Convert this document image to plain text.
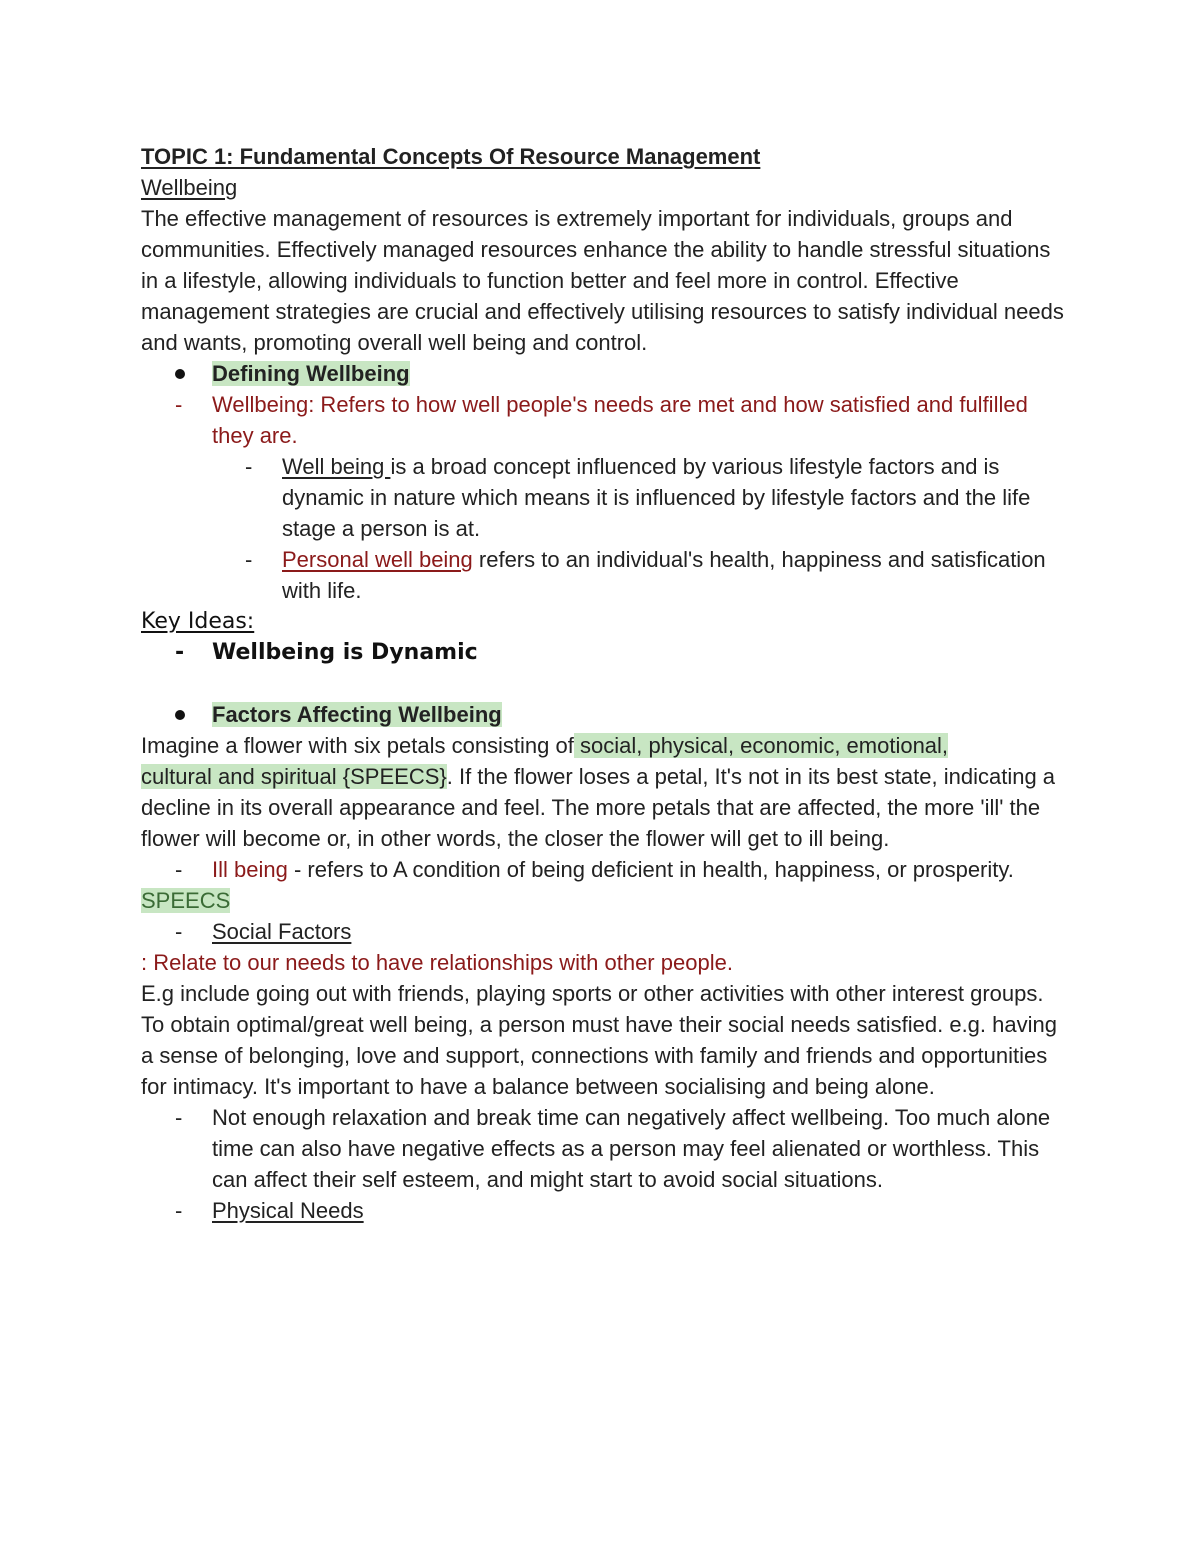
TOPIC 1: Fundamental Concepts Of Resource Management

Wellbeing

The effective management of resources is extremely important for individuals, groups and communities. Effectively managed resources enhance the ability to handle stressful situations in a lifestyle, allowing individuals to function better and feel more in control. Effective management strategies are crucial and effectively utilising resources to satisfy individual needs and wants, promoting overall well being and control.

Defining Wellbeing
- Wellbeing: Refers to how well people's needs are met and how satisfied and fulfilled they are.
- Well being is a broad concept influenced by various lifestyle factors and is dynamic in nature which means it is influenced by lifestyle factors and the life stage a person is at.
- Personal well being refers to an individual's health, happiness and satisfication with life.

Key Ideas:

- Wellbeing is Dynamic
Factors Affecting Wellbeing

Imagine a flower with six petals consisting of social, physical, economic, emotional,
cultural and spiritual {SPEECS}. If the flower loses a petal, It's not in its best state, indicating a decline in its overall appearance and feel. The more petals that are affected, the more 'ill' the flower will become or, in other words, the closer the flower will get to ill being.

- Ill being - refers to A condition of being deficient in health, happiness, or prosperity.

SPEECS

- Social Factors

: Relate to our needs to have relationships with other people.

E.g include going out with friends, playing sports or other activities with other interest groups.

To obtain optimal/great well being, a person must have their social needs satisfied. e.g. having a sense of belonging, love and support, connections with family and friends and opportunities for intimacy. It's important to have a balance between socialising and being alone.

- Not enough relaxation and break time can negatively affect wellbeing. Too much alone time can also have negative effects as a person may feel alienated or worthless. This can affect their self esteem, and might start to avoid social situations.
- Physical Needs
